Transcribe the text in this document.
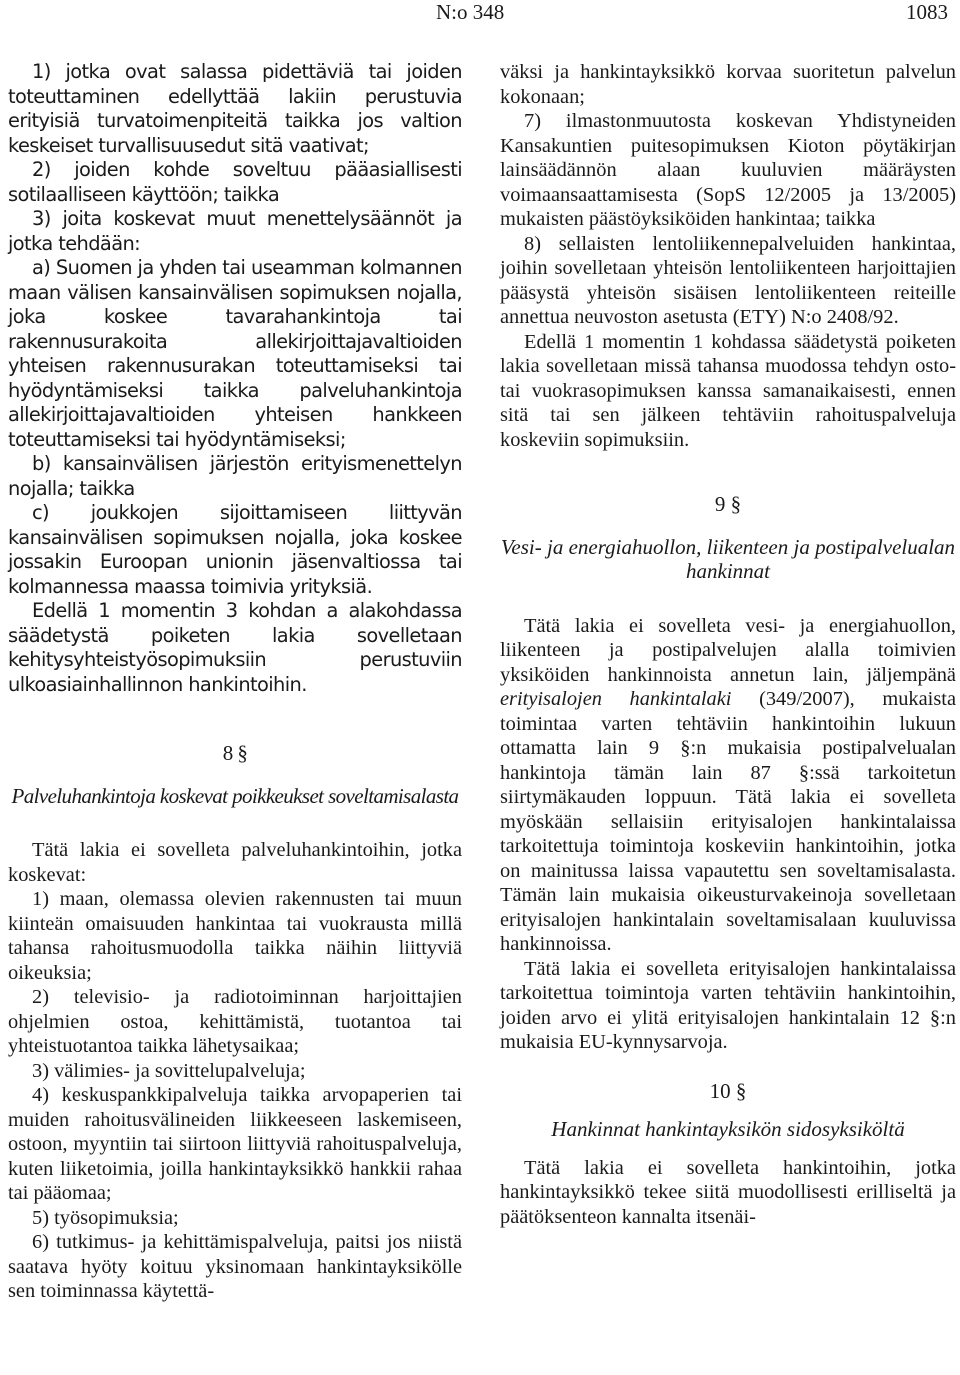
N:o 348	1083

1) jotka ovat salassa pidettäviä tai joiden toteuttaminen edellyttää lakiin perustuvia erityisiä turvatoimenpiteitä taikka jos valtion keskeiset turvallisuusedut sitä vaativat;

2) joiden kohde soveltuu pääasiallisesti sotilaalliseen käyttöön; taikka

3) joita koskevat muut menettelysäännöt ja jotka tehdään:

a) Suomen ja yhden tai useamman kolmannen maan välisen kansainvälisen sopimuksen nojalla, joka koskee tavarahankintoja tai rakennusurakoita allekirjoittajavaltioiden yhteisen rakennusurakan toteuttamiseksi tai hyödyntämiseksi taikka palveluhankintoja allekirjoittajavaltioiden yhteisen hankkeen toteuttamiseksi tai hyödyntämiseksi;

b) kansainvälisen järjestön erityismenettelyn nojalla; taikka

c) joukkojen sijoittamiseen liittyvän kansainvälisen sopimuksen nojalla, joka koskee jossakin Euroopan unionin jäsenvaltiossa tai kolmannessa maassa toimivia yrityksiä.

Edellä 1 momentin 3 kohdan a alakohdassa säädetystä poiketen lakia sovelletaan kehitysyhteistyösopimuksiin perustuviin ulkoasiainhallinnon hankintoihin.

8 §

Palveluhankintoja koskevat poikkeukset soveltamisalasta

Tätä lakia ei sovelleta palveluhankintoihin, jotka koskevat:

1) maan, olemassa olevien rakennusten tai muun kiinteän omaisuuden hankintaa tai vuokrausta millä tahansa rahoitusmuodolla taikka näihin liittyviä oikeuksia;

2) televisio- ja radiotoiminnan harjoittajien ohjelmien ostoa, kehittämistä, tuotantoa tai yhteistuotantoa taikka lähetysaikaa;

3) välimies- ja sovittelupalveluja;

4) keskuspankkipalveluja taikka arvopaperien tai muiden rahoitusvälineiden liikkeeseen laskemiseen, ostoon, myyntiin tai siirtoon liittyviä rahoituspalveluja, kuten liiketoimia, joilla hankintayksikkö hankkii rahaa tai pääomaa;

5) työsopimuksia;

6) tutkimus- ja kehittämispalveluja, paitsi jos niistä saatava hyöty koituu yksinomaan hankintayksikölle sen toiminnassa käytettä-

väksi ja hankintayksikkö korvaa suoritetun palvelun kokonaan;

7) ilmastonmuutosta koskevan Yhdistyneiden Kansakuntien puitesopimuksen Kioton pöytäkirjan lainsäädännön alaan kuuluvien määräysten voimaansaattamisesta (SopS 12/2005 ja 13/2005) mukaisten päästöyksiköiden hankintaa; taikka

8) sellaisten lentoliikennepalveluiden hankintaa, joihin sovelletaan yhteisön lentoliikenteen harjoittajien pääsystä yhteisön sisäisen lentoliikenteen reiteille annettua neuvoston asetusta (ETY) N:o 2408/92.

Edellä 1 momentin 1 kohdassa säädetystä poiketen lakia sovelletaan missä tahansa muodossa tehdyn osto- tai vuokrasopimuksen kanssa samanaikaisesti, ennen sitä tai sen jälkeen tehtäviin rahoituspalveluja koskeviin sopimuksiin.

9 §

Vesi- ja energiahuollon, liikenteen ja postipalvelualan hankinnat

Tätä lakia ei sovelleta vesi- ja energiahuollon, liikenteen ja postipalvelujen alalla toimivien yksiköiden hankinnoista annetun lain, jäljempänä erityisalojen hankintalaki (349/2007), mukaista toimintaa varten tehtäviin hankintoihin lukuun ottamatta lain 9 §:n mukaisia postipalvelualan hankintoja tämän lain 87 §:ssä tarkoitetun siirtymäkauden loppuun. Tätä lakia ei sovelleta myöskään sellaisiin erityisalojen hankintalaissa tarkoitettuja toimintoja koskeviin hankintoihin, jotka on mainitussa laissa vapautettu sen soveltamisalasta. Tämän lain mukaisia oikeusturvakeinoja sovelletaan erityisalojen hankintalain soveltamisalaan kuuluvissa hankinnoissa.

Tätä lakia ei sovelleta erityisalojen hankintalaissa tarkoitettua toimintoja varten tehtäviin hankintoihin, joiden arvo ei ylitä erityisalojen hankintalain 12 §:n mukaisia EU-kynnysarvoja.

10 §

Hankinnat hankintayksikön sidosyksiköltä

Tätä lakia ei sovelleta hankintoihin, jotka hankintayksikkö tekee siitä muodollisesti erilliseltä ja päätöksenteon kannalta itsenäi-
